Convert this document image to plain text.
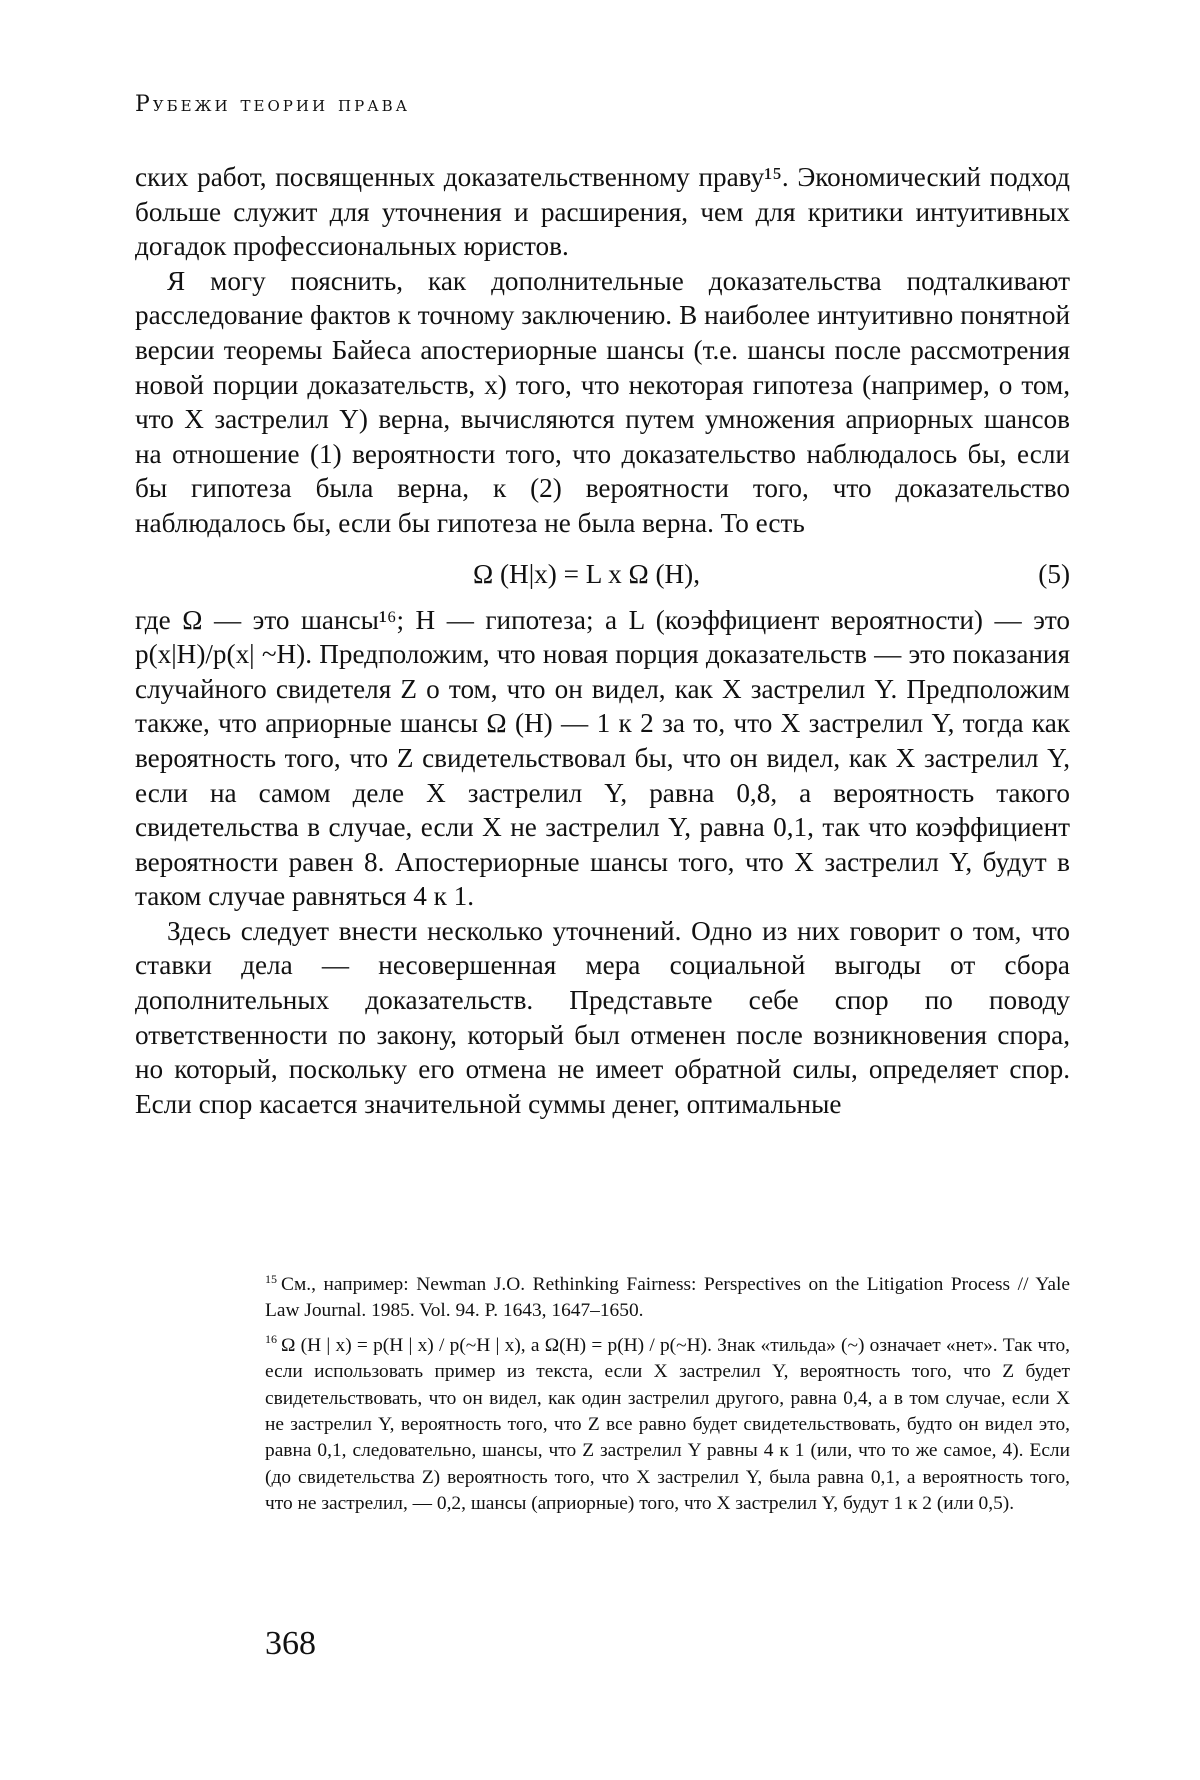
Рубежи теории права

ских работ, посвященных доказательственному праву¹⁵. Экономический подход больше служит для уточнения и расширения, чем для критики интуитивных догадок профессиональных юристов.

Я могу пояснить, как дополнительные доказательства подталкивают расследование фактов к точному заключению. В наиболее интуитивно понятной версии теоремы Байеса апостериорные шансы (т.е. шансы после рассмотрения новой порции доказательств, x) того, что некоторая гипотеза (например, о том, что X застрелил Y) верна, вычисляются путем умножения априорных шансов на отношение (1) вероятности того, что доказательство наблюдалось бы, если бы гипотеза была верна, к (2) вероятности того, что доказательство наблюдалось бы, если бы гипотеза не была верна. То есть

Ω (H|x) = L x Ω (H),	(5)

где Ω — это шансы¹⁶; H — гипотеза; а L (коэффициент вероятности) — это p(x|H)/p(x| ~H). Предположим, что новая порция доказательств — это показания случайного свидетеля Z о том, что он видел, как X застрелил Y. Предположим также, что априорные шансы Ω (H) — 1 к 2 за то, что X застрелил Y, тогда как вероятность того, что Z свидетельствовал бы, что он видел, как X застрелил Y, если на самом деле X застрелил Y, равна 0,8, а вероятность такого свидетельства в случае, если X не застрелил Y, равна 0,1, так что коэффициент вероятности равен 8. Апостериорные шансы того, что X застрелил Y, будут в таком случае равняться 4 к 1.

Здесь следует внести несколько уточнений. Одно из них говорит о том, что ставки дела — несовершенная мера социальной выгоды от сбора дополнительных доказательств. Представьте себе спор по поводу ответственности по закону, который был отменен после возникновения спора, но который, поскольку его отмена не имеет обратной силы, определяет спор. Если спор касается значительной суммы денег, оптимальные

$^{15}$ См., например: Newman J.O. Rethinking Fairness: Perspectives on the Litigation Process // Yale Law Journal. 1985. Vol. 94. P. 1643, 1647–1650.

$^{16}$ Ω (H | x) = p(H | x) / p(~H | x), а Ω(H) = p(H) / p(~H). Знак «тильда» (~) означает «нет». Так что, если использовать пример из текста, если X застрелил Y, вероятность того, что Z будет свидетельствовать, что он видел, как один застрелил другого, равна 0,4, а в том случае, если X не застрелил Y, вероятность того, что Z все равно будет свидетельствовать, будто он видел это, равна 0,1, следовательно, шансы, что Z застрелил Y равны 4 к 1 (или, что то же самое, 4). Если (до свидетельства Z) вероятность того, что X застрелил Y, была равна 0,1, а вероятность того, что не застрелил, — 0,2, шансы (априорные) того, что X застрелил Y, будут 1 к 2 (или 0,5).

368
